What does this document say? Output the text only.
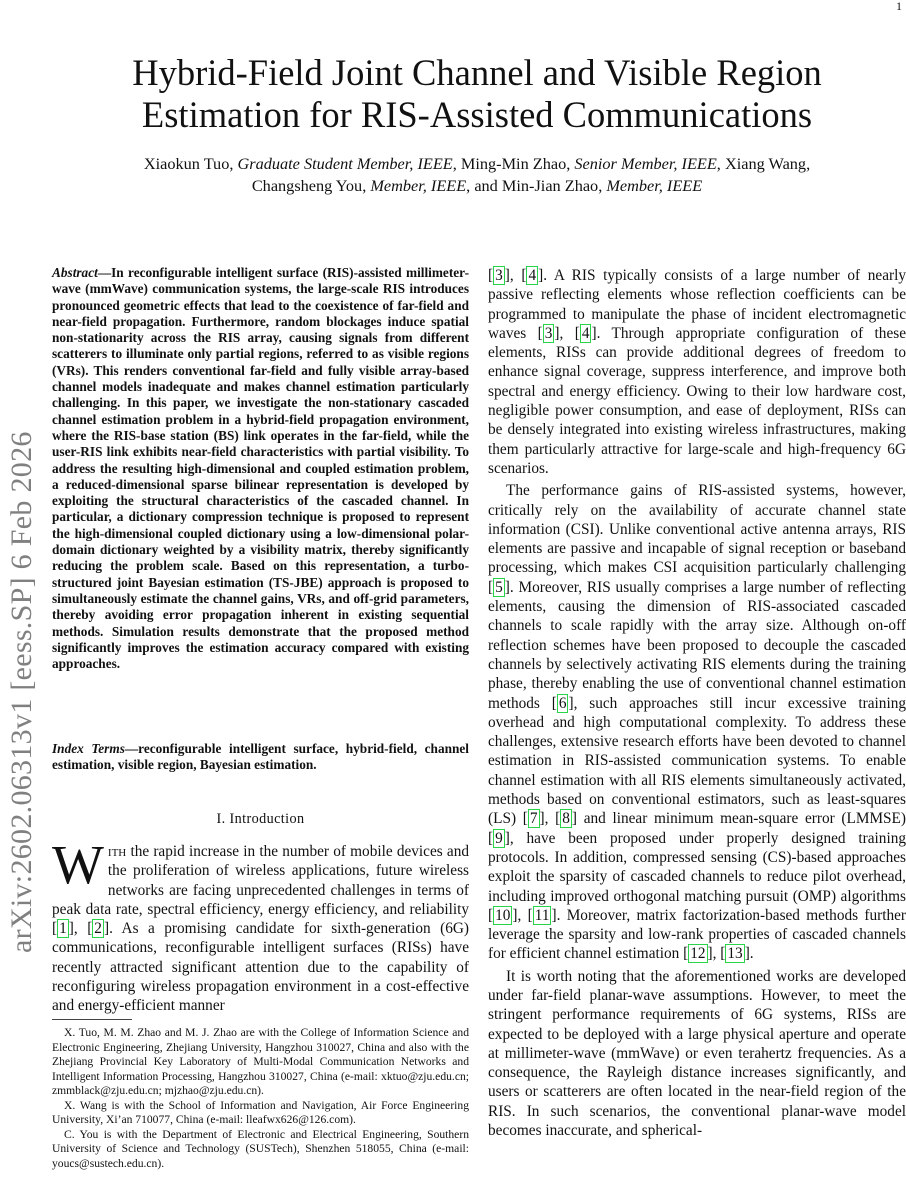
1
arXiv:2602.06313v1 [eess.SP] 6 Feb 2026
Hybrid-Field Joint Channel and Visible Region
Estimation for RIS-Assisted Communications
Xiaokun Tuo, Graduate Student Member, IEEE, Ming-Min Zhao, Senior Member, IEEE, Xiang Wang,
Changsheng You, Member, IEEE, and Min-Jian Zhao, Member, IEEE
Abstract—In reconfigurable intelligent surface (RIS)-assisted millimeter-wave (mmWave) communication systems, the large-scale RIS introduces pronounced geometric effects that lead to the coexistence of far-field and near-field propagation. Furthermore, random blockages induce spatial non-stationarity across the RIS array, causing signals from different scatterers to illuminate only partial regions, referred to as visible regions (VRs). This renders conventional far-field and fully visible array-based channel models inadequate and makes channel estimation particularly challenging. In this paper, we investigate the non-stationary cascaded channel estimation problem in a hybrid-field propagation environment, where the RIS-base station (BS) link operates in the far-field, while the user-RIS link exhibits near-field characteristics with partial visibility. To address the resulting high-dimensional and coupled estimation problem, a reduced-dimensional sparse bilinear representation is developed by exploiting the structural characteristics of the cascaded channel. In particular, a dictionary compression technique is proposed to represent the high-dimensional coupled dictionary using a low-dimensional polar-domain dictionary weighted by a visibility matrix, thereby significantly reducing the problem scale. Based on this representation, a turbo-structured joint Bayesian estimation (TS-JBE) approach is proposed to simultaneously estimate the channel gains, VRs, and off-grid parameters, thereby avoiding error propagation inherent in existing sequential methods. Simulation results demonstrate that the proposed method significantly improves the estimation accuracy compared with existing approaches.
Index Terms—reconfigurable intelligent surface, hybrid-field, channel estimation, visible region, Bayesian estimation.
I. Introduction
With the rapid increase in the number of mobile devices and the proliferation of wireless applications, future wireless networks are facing unprecedented challenges in terms of peak data rate, spectral efficiency, energy efficiency, and reliability [ 1 ], [ 2 ]. As a promising candidate for sixth-generation (6G) communications, reconfigurable intelligent surfaces (RISs) have recently attracted significant attention due to the capability of reconfiguring wireless propagation environment in a cost-effective and energy-efficient manner

X. Tuo, M. M. Zhao and M. J. Zhao are with the College of Information Science and Electronic Engineering, Zhejiang University, Hangzhou 310027, China and also with the Zhejiang Provincial Key Laboratory of Multi-Modal Communication Networks and Intelligent Information Processing, Hangzhou 310027, China (e-mail: xktuo@zju.edu.cn; zmmblack@zju.edu.cn; mjzhao@zju.edu.cn).

X. Wang is with the School of Information and Navigation, Air Force Engineering University, Xi’an 710077, China (e-mail: lleafwx626@126.com).

C. You is with the Department of Electronic and Electrical Engineering, Southern University of Science and Technology (SUSTech), Shenzhen 518055, China (e-mail: youcs@sustech.edu.cn).

[ 3 ], [ 4 ]. A RIS typically consists of a large number of nearly passive reflecting elements whose reflection coefficients can be programmed to manipulate the phase of incident electromagnetic waves [ 3 ], [ 4 ]. Through appropriate configuration of these elements, RISs can provide additional degrees of freedom to enhance signal coverage, suppress interference, and improve both spectral and energy efficiency. Owing to their low hardware cost, negligible power consumption, and ease of deployment, RISs can be densely integrated into existing wireless infrastructures, making them particularly attractive for large-scale and high-frequency 6G scenarios.

The performance gains of RIS-assisted systems, however, critically rely on the availability of accurate channel state information (CSI). Unlike conventional active antenna arrays, RIS elements are passive and incapable of signal reception or baseband processing, which makes CSI acquisition particularly challenging [ 5 ]. Moreover, RIS usually comprises a large number of reflecting elements, causing the dimension of RIS-associated cascaded channels to scale rapidly with the array size. Although on-off reflection schemes have been proposed to decouple the cascaded channels by selectively activating RIS elements during the training phase, thereby enabling the use of conventional channel estimation methods [ 6 ], such approaches still incur excessive training overhead and high computational complexity. To address these challenges, extensive research efforts have been devoted to channel estimation in RIS-assisted communication systems. To enable channel estimation with all RIS elements simultaneously activated, methods based on conventional estimators, such as least-squares (LS) [ 7 ], [ 8 ] and linear minimum mean-square error (LMMSE) [ 9 ], have been proposed under properly designed training protocols. In addition, compressed sensing (CS)-based approaches exploit the sparsity of cascaded channels to reduce pilot overhead, including improved orthogonal matching pursuit (OMP) algorithms [ 10 ], [ 11 ]. Moreover, matrix factorization-based methods further leverage the sparsity and low-rank properties of cascaded channels for efficient channel estimation [ 12 ], [ 13 ].

It is worth noting that the aforementioned works are developed under far-field planar-wave assumptions. However, to meet the stringent performance requirements of 6G systems, RISs are expected to be deployed with a large physical aperture and operate at millimeter-wave (mmWave) or even terahertz frequencies. As a consequence, the Rayleigh distance increases significantly, and users or scatterers are often located in the near-field region of the RIS. In such scenarios, the conventional planar-wave model becomes inaccurate, and spherical-
